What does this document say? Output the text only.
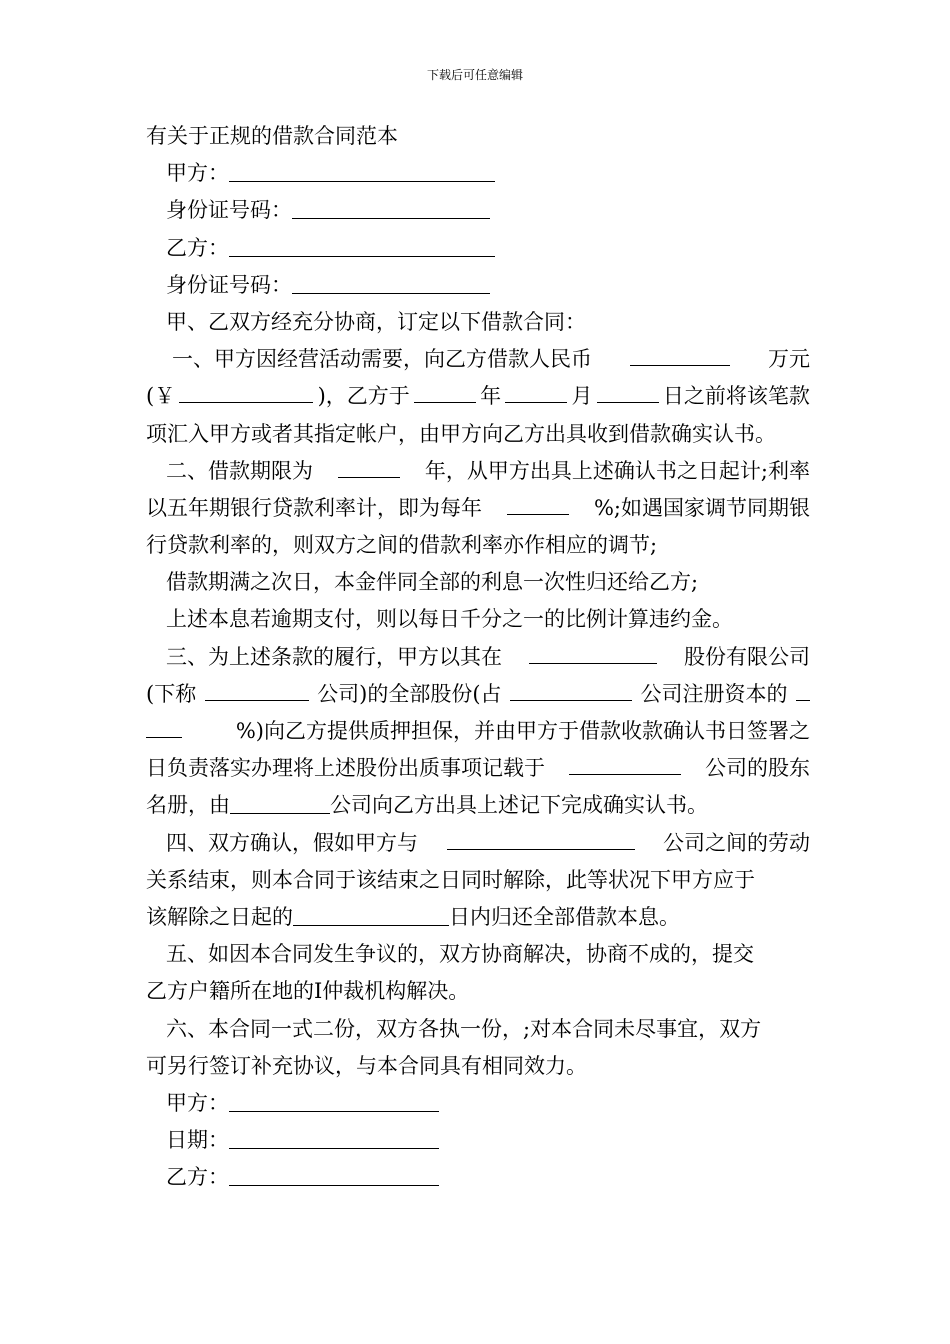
下载后可任意编辑
有关于正规的借款合同范本
甲方：
身份证号码：
乙方：
身份证号码：
甲、乙双方经充分协商，订定以下借款合同：
一、甲方因经营活动需要，向乙方借款人民币	万元
(￥	)，乙方于	年	月	日之前将该笔款
项汇入甲方或者其指定帐户，由甲方向乙方出具收到借款确实认书。
二、借款期限为	年，从甲方出具上述确认书之日起计;利率
以五年期银行贷款利率计，即为每年	%;如遇国家调节同期银
行贷款利率的，则双方之间的借款利率亦作相应的调节;
借款期满之次日，本金伴同全部的利息一次性归还给乙方;
上述本息若逾期支付，则以每日千分之一的比例计算违约金。
三、为上述条款的履行，甲方以其在	股份有限公司
(下称	公司)的全部股份(占	公司注册资本的
%)向乙方提供质押担保，并由甲方于借款收款确认书日签署之
日负责落实办理将上述股份出质事项记载于	公司的股东
名册，由	公司向乙方出具上述记下完成确实认书。
四、双方确认，假如甲方与	公司之间的劳动
关系结束，则本合同于该结束之日同时解除，此等状况下甲方应于
该解除之日起的	日内归还全部借款本息。
五、如因本合同发生争议的，双方协商解决，协商不成的，提交
乙方户籍所在地的I仲裁机构解决。
六、本合同一式二份，双方各执一份，;对本合同未尽事宜，双方
可另行签订补充协议，与本合同具有相同效力。
甲方：
日期：
乙方：
